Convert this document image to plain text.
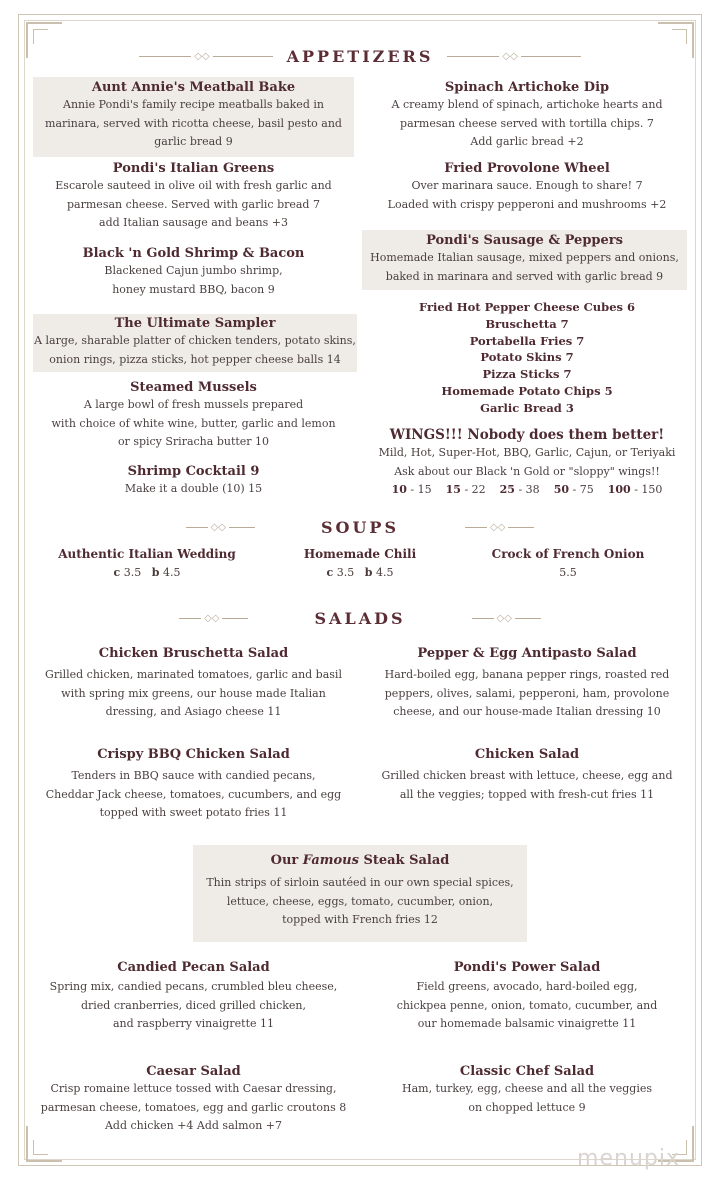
◇◇	APPETIZERS	◇◇
Aunt Annie's Meatball Bake
Annie Pondi's family recipe meatballs baked in
marinara, served with ricotta cheese, basil pesto and
garlic bread 9
Pondi's Italian Greens
Escarole sauteed in olive oil with fresh garlic and
parmesan cheese. Served with garlic bread 7
add Italian sausage and beans +3
Black 'n Gold Shrimp & Bacon
Blackened Cajun jumbo shrimp,
honey mustard BBQ, bacon 9
The Ultimate Sampler
A large, sharable platter of chicken tenders, potato skins,
onion rings, pizza sticks, hot pepper cheese balls 14
Steamed Mussels
A large bowl of fresh mussels prepared
with choice of white wine, butter, garlic and lemon
or spicy Sriracha butter 10
Shrimp Cocktail 9
Make it a double (10) 15
Spinach Artichoke Dip
A creamy blend of spinach, artichoke hearts and
parmesan cheese served with tortilla chips. 7
Add garlic bread +2
Fried Provolone Wheel
Over marinara sauce. Enough to share! 7
Loaded with crispy pepperoni and mushrooms +2
Pondi's Sausage & Peppers
Homemade Italian sausage, mixed peppers and onions,
baked in marinara and served with garlic bread 9
Fried Hot Pepper Cheese Cubes 6
Bruschetta 7
Portabella Fries 7
Potato Skins 7
Pizza Sticks 7
Homemade Potato Chips 5
Garlic Bread 3
WINGS!!! Nobody does them better!
Mild, Hot, Super-Hot, BBQ, Garlic, Cajun, or Teriyaki
Ask about our Black 'n Gold or "sloppy" wings!!
10 - 15 15 - 22 25 - 38 50 - 75 100 - 150
◇◇	SOUPS	◇◇
Authentic Italian Wedding
c 3.5 b 4.5
Homemade Chili
c 3.5 b 4.5
Crock of French Onion
5.5
◇◇	SALADS	◇◇
Chicken Bruschetta Salad
Grilled chicken, marinated tomatoes, garlic and basil
with spring mix greens, our house made Italian
dressing, and Asiago cheese 11
Pepper & Egg Antipasto Salad
Hard-boiled egg, banana pepper rings, roasted red
peppers, olives, salami, pepperoni, ham, provolone
cheese, and our house-made Italian dressing 10
Crispy BBQ Chicken Salad
Tenders in BBQ sauce with candied pecans,
Cheddar Jack cheese, tomatoes, cucumbers, and egg
topped with sweet potato fries 11
Chicken Salad
Grilled chicken breast with lettuce, cheese, egg and
all the veggies; topped with fresh-cut fries 11
Our Famous Steak Salad
Thin strips of sirloin sautéed in our own special spices,
lettuce, cheese, eggs, tomato, cucumber, onion,
topped with French fries 12
Candied Pecan Salad
Spring mix, candied pecans, crumbled bleu cheese,
dried cranberries, diced grilled chicken,
and raspberry vinaigrette 11
Pondi's Power Salad
Field greens, avocado, hard-boiled egg,
chickpea penne, onion, tomato, cucumber, and
our homemade balsamic vinaigrette 11
Caesar Salad
Crisp romaine lettuce tossed with Caesar dressing,
parmesan cheese, tomatoes, egg and garlic croutons 8
Add chicken +4 Add salmon +7
Classic Chef Salad
Ham, turkey, egg, cheese and all the veggies
on chopped lettuce 9
menupix
